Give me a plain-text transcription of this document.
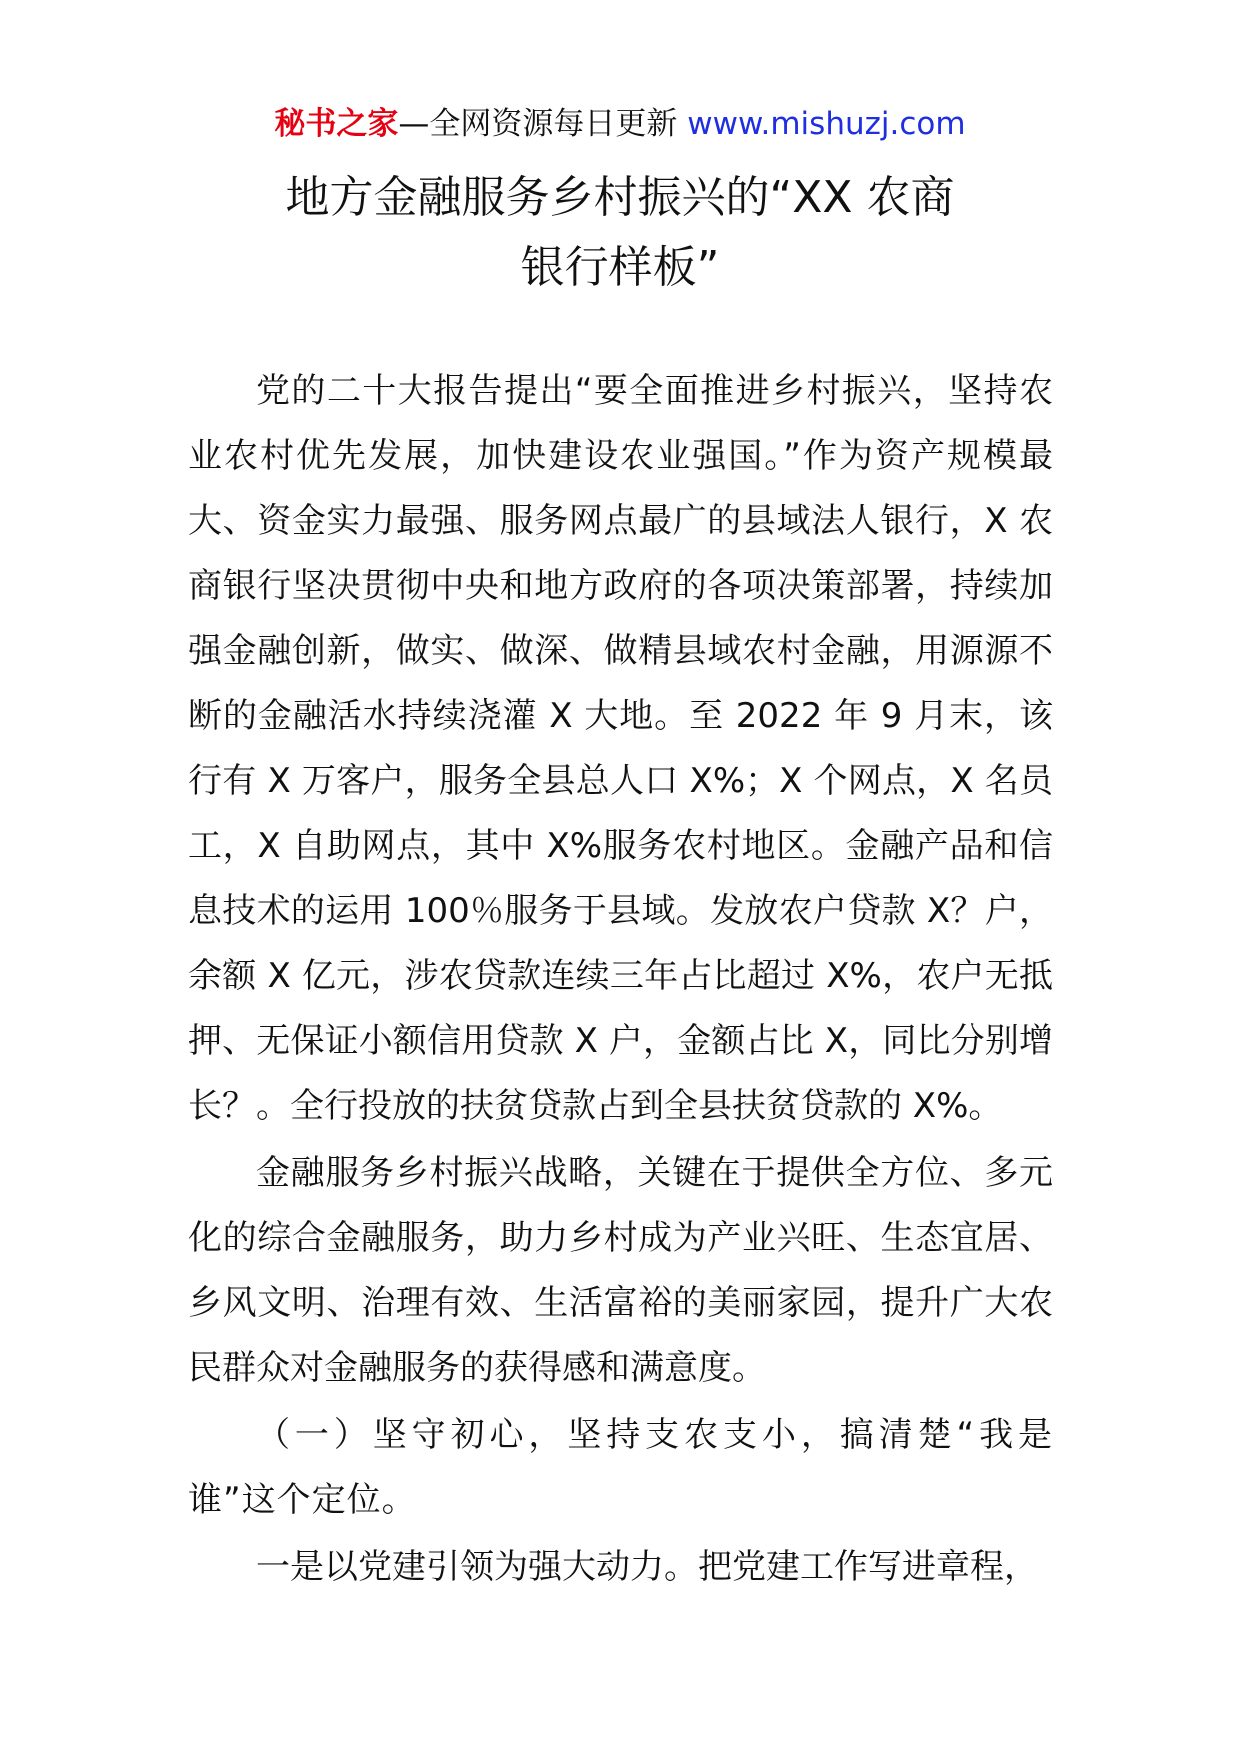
秘书之家—全网资源每日更新 www.mishuzj.com
地方金融服务乡村振兴的“XX 农商
银行样板”

党的二十大报告提出“要全面推进乡村振兴，坚持农业农村优先发展，加快建设农业强国。”作为资产规模最大、资金实力最强、服务网点最广的县域法人银行，X 农商银行坚决贯彻中央和地方政府的各项决策部署，持续加强金融创新，做实、做深、做精县域农村金融，用源源不断的金融活水持续浇灌 X 大地。至 2022 年 9 月末，该行有 X 万客户，服务全县总人口 X%；X 个网点，X 名员工，X 自助网点，其中 X%服务农村地区。金融产品和信息技术的运用 100％服务于县域。发放农户贷款 X？户，余额 X 亿元，涉农贷款连续三年占比超过 X%，农户无抵押、无保证小额信用贷款 X 户，金额占比 X，同比分别增长？。全行投放的扶贫贷款占到全县扶贫贷款的 X%。

金融服务乡村振兴战略，关键在于提供全方位、多元化的综合金融服务，助力乡村成为产业兴旺、生态宜居、乡风文明、治理有效、生活富裕的美丽家园，提升广大农民群众对金融服务的获得感和满意度。

（一）坚守初心，坚持支农支小，搞清楚“我是谁”这个定位。

一是以党建引领为强大动力。把党建工作写进章程，
